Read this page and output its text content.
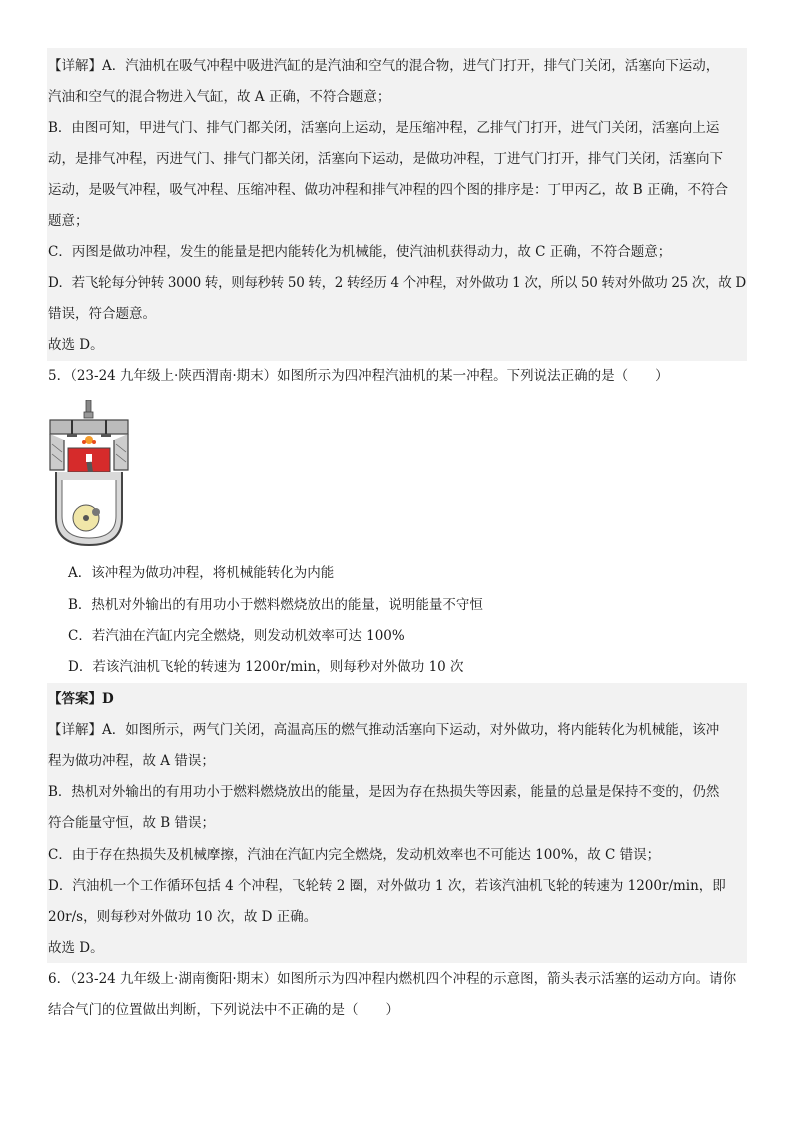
【详解】A．汽油机在吸气冲程中吸进汽缸的是汽油和空气的混合物，进气门打开，排气门关闭，活塞向下运动，
汽油和空气的混合物进入气缸，故 A 正确，不符合题意；
B．由图可知，甲进气门、排气门都关闭，活塞向上运动，是压缩冲程，乙排气门打开，进气门关闭，活塞向上运
动，是排气冲程，丙进气门、排气门都关闭，活塞向下运动，是做功冲程，丁进气门打开，排气门关闭，活塞向下
运动，是吸气冲程，吸气冲程、压缩冲程、做功冲程和排气冲程的四个图的排序是：丁甲丙乙，故 B 正确，不符合
题意；
C．丙图是做功冲程，发生的能量是把内能转化为机械能，使汽油机获得动力，故 C 正确，不符合题意；
D．若飞轮每分钟转 3000 转，则每秒转 50 转，2 转经历 4 个冲程，对外做功 1 次，所以 50 转对外做功 25 次，故 D
错误，符合题意。
故选 D。
5．（23-24 九年级上·陕西渭南·期末）如图所示为四冲程汽油机的某一冲程。下列说法正确的是（　　）
A．该冲程为做功冲程，将机械能转化为内能
B．热机对外输出的有用功小于燃料燃烧放出的能量，说明能量不守恒
C．若汽油在汽缸内完全燃烧，则发动机效率可达 100%
D．若该汽油机飞轮的转速为 1200r/min，则每秒对外做功 10 次
【答案】D
【详解】A．如图所示，两气门关闭，高温高压的燃气推动活塞向下运动，对外做功，将内能转化为机械能，该冲
程为做功冲程，故 A 错误；
B．热机对外输出的有用功小于燃料燃烧放出的能量，是因为存在热损失等因素，能量的总量是保持不变的，仍然
符合能量守恒，故 B 错误；
C．由于存在热损失及机械摩擦，汽油在汽缸内完全燃烧，发动机效率也不可能达 100%，故 C 错误；
D．汽油机一个工作循环包括 4 个冲程，飞轮转 2 圈，对外做功 1 次，若该汽油机飞轮的转速为 1200r/min，即
20r/s，则每秒对外做功 10 次，故 D 正确。
故选 D。
6．（23-24 九年级上·湖南衡阳·期末）如图所示为四冲程内燃机四个冲程的示意图，箭头表示活塞的运动方向。请你
结合气门的位置做出判断，下列说法中不正确的是（　　）
